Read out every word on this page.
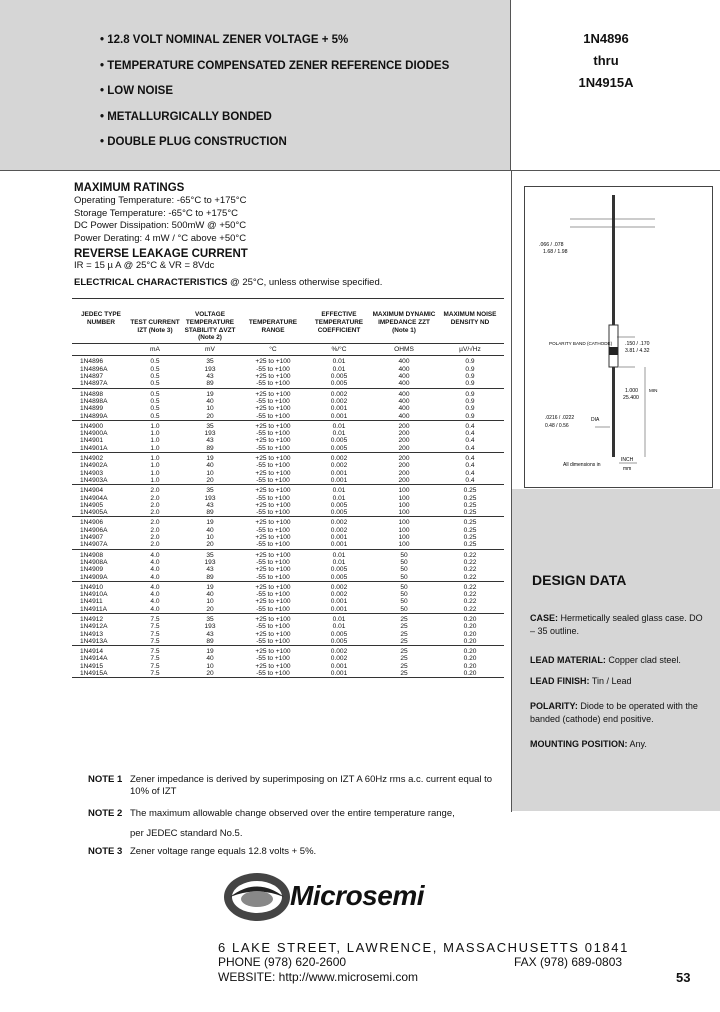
• 12.8 VOLT NOMINAL ZENER VOLTAGE + 5%
• TEMPERATURE COMPENSATED ZENER REFERENCE DIODES
• LOW NOISE
• METALLURGICALLY BONDED
• DOUBLE PLUG CONSTRUCTION
1N4896
thru
1N4915A
MAXIMUM RATINGS
Operating Temperature: -65°C to +175°C
Storage Temperature: -65°C to +175°C
DC Power Dissipation: 500mW @ +50°C
Power Derating: 4 mW / °C above +50°C
REVERSE LEAKAGE CURRENT
IR = 15 µ A @ 25°C & VR = 8Vdc
ELECTRICAL CHARACTERISTICS @ 25°C, unless otherwise specified.
JEDEC TYPE NUMBER	TEST CURRENT IZT (Note 3)	VOLTAGE TEMPERATURE STABILITY ΔVZT (Note 2)	TEMPERATURE RANGE	EFFECTIVE TEMPERATURE COEFFICIENT	MAXIMUM DYNAMIC IMPEDANCE ZZT (Note 1)	MAXIMUM NOISE DENSITY ND
	mA	mV	°C	%/°C	OHMS	µV/√Hz
1N4896	0.5	35	+25 to +100	0.01	400	0.9
1N4896A	0.5	193	-55 to +100	0.01	400	0.9
1N4897	0.5	43	+25 to +100	0.005	400	0.9
1N4897A	0.5	89	-55 to +100	0.005	400	0.9
1N4898	0.5	19	+25 to +100	0.002	400	0.9
1N4898A	0.5	40	-55 to +100	0.002	400	0.9
1N4899	0.5	10	+25 to +100	0.001	400	0.9
1N4899A	0.5	20	-55 to +100	0.001	400	0.9
1N4900	1.0	35	+25 to +100	0.01	200	0.4
1N4900A	1.0	193	-55 to +100	0.01	200	0.4
1N4901	1.0	43	+25 to +100	0.005	200	0.4
1N4901A	1.0	89	-55 to +100	0.005	200	0.4
1N4902	1.0	19	+25 to +100	0.002	200	0.4
1N4902A	1.0	40	-55 to +100	0.002	200	0.4
1N4903	1.0	10	+25 to +100	0.001	200	0.4
1N4903A	1.0	20	-55 to +100	0.001	200	0.4
1N4904	2.0	35	+25 to +100	0.01	100	0.25
1N4904A	2.0	193	-55 to +100	0.01	100	0.25
1N4905	2.0	43	+25 to +100	0.005	100	0.25
1N4905A	2.0	89	-55 to +100	0.005	100	0.25
1N4906	2.0	19	+25 to +100	0.002	100	0.25
1N4906A	2.0	40	-55 to +100	0.002	100	0.25
1N4907	2.0	10	+25 to +100	0.001	100	0.25
1N4907A	2.0	20	-55 to +100	0.001	100	0.25
1N4908	4.0	35	+25 to +100	0.01	50	0.22
1N4908A	4.0	193	-55 to +100	0.01	50	0.22
1N4909	4.0	43	+25 to +100	0.005	50	0.22
1N4909A	4.0	89	-55 to +100	0.005	50	0.22
1N4910	4.0	19	+25 to +100	0.002	50	0.22
1N4910A	4.0	40	-55 to +100	0.002	50	0.22
1N4911	4.0	10	+25 to +100	0.001	50	0.22
1N4911A	4.0	20	-55 to +100	0.001	50	0.22
1N4912	7.5	35	+25 to +100	0.01	25	0.20
1N4912A	7.5	193	-55 to +100	0.01	25	0.20
1N4913	7.5	43	+25 to +100	0.005	25	0.20
1N4913A	7.5	89	-55 to +100	0.005	25	0.20
1N4914	7.5	19	+25 to +100	0.002	25	0.20
1N4914A	7.5	40	-55 to +100	0.002	25	0.20
1N4915	7.5	10	+25 to +100	0.001	25	0.20
1N4915A	7.5	20	-55 to +100	0.001	25	0.20
NOTE 1 Zener impedance is derived by superimposing on IZT A 60Hz rms a.c. current equal to 10% of IZT
NOTE 2 The maximum allowable change observed over the entire temperature range,
per JEDEC standard No.5.
NOTE 3 Zener voltage range equals 12.8 volts + 5%.
.066 / .078
1.68 / 1.98
.150 / .170
3.81 / 4.32
POLARITY BAND (CATHODE)
1.000 MIN
25.400
.0216 / .0222
0.48 / 0.56
DIA
All dimensions in
INCH
mm
DESIGN DATA
CASE: Hermetically sealed glass case. DO – 35 outline.
LEAD MATERIAL: Copper clad steel.
LEAD FINISH: Tin / Lead
POLARITY: Diode to be operated with the banded (cathode) end positive.
MOUNTING POSITION: Any.
Microsemi
6 LAKE STREET, LAWRENCE, MASSACHUSETTS 01841
PHONE (978) 620-2600	FAX (978) 689-0803
WEBSITE: http://www.microsemi.com	53
